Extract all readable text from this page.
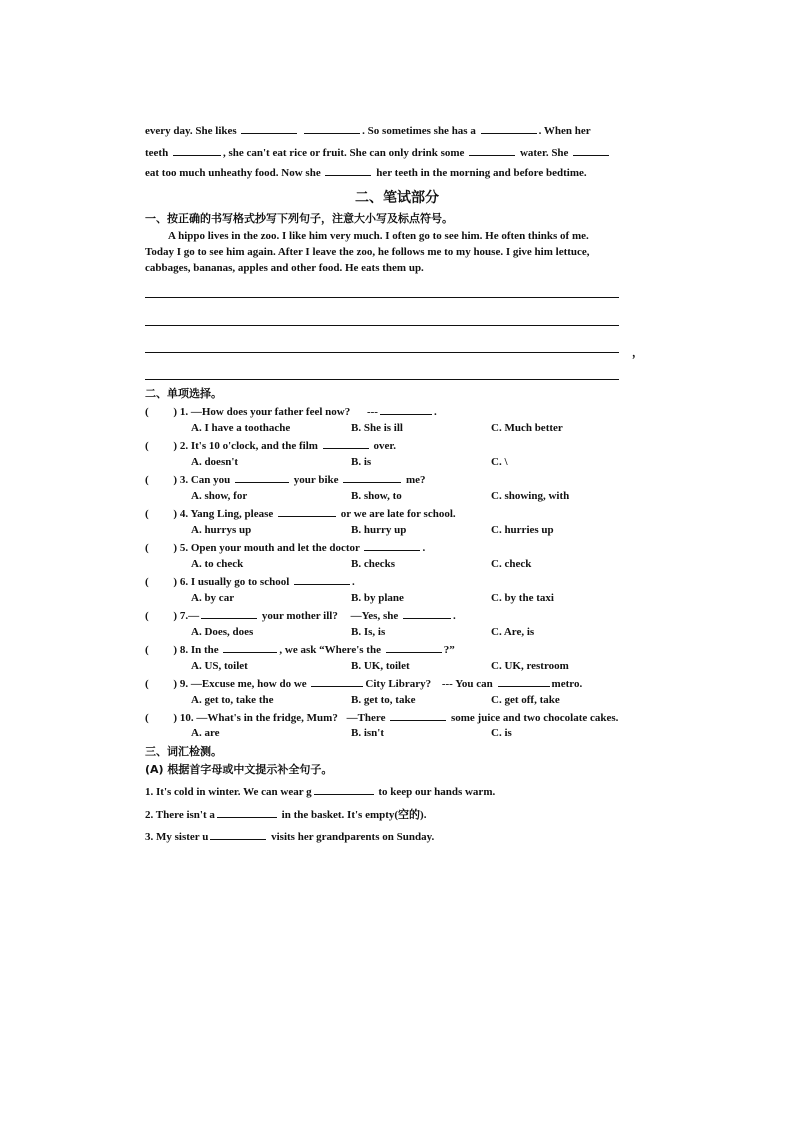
every day. She likes	. So sometimes she has a	. When her
teeth	, she can't eat rice or fruit. She can only drink some	water. She
eat too much unheathy food. Now she	her teeth in the morning and before bedtime.
二、笔试部分
一、按正确的书写格式抄写下列句子，注意大小写及标点符号。
A hippo lives in the zoo. I like him very much. I often go to see him. He often thinks of me.
Today I go to see him again. After I leave the zoo, he follows me to my house. I give him lettuce,
cabbages, bananas, apples and other food. He eats them up.
，
二、单项选择。
( ) 1. —How does your father feel now? ---	.
A. I have a toothache	B. She is ill	C. Much better
( ) 2. It's 10 o'clock, and the film	over.
A. doesn't	B. is	C. \
( ) 3. Can you	your bike	me?
A. show, for	B. show, to	C. showing, with
( ) 4. Yang Ling, please	or we are late for school.
A. hurrys up	B. hurry up	C. hurries up
( ) 5. Open your mouth and let the doctor	.
A. to check	B. checks	C. check
( ) 6. I usually go to school	.
A. by car	B. by plane	C. by the taxi
( ) 7.—	your mother ill? —Yes, she	.
A. Does, does	B. Is, is	C. Are, is
( ) 8. In the	, we ask “Where's the	?”
A. US, toilet	B. UK, toilet	C. UK, restroom
( ) 9. —Excuse me, how do we	City Library? --- You can	metro.
A. get to, take the	B. get to, take	C. get off, take
( ) 10. —What's in the fridge, Mum? —There	some juice and two chocolate cakes.
A. are	B. isn't	C. is
三、词汇检测。
(A) 根据首字母或中文提示补全句子。
1. It's cold in winter. We can wear g	to keep our hands warm.
2. There isn't a	in the basket. It's empty(空的).
3. My sister u	visits her grandparents on Sunday.
